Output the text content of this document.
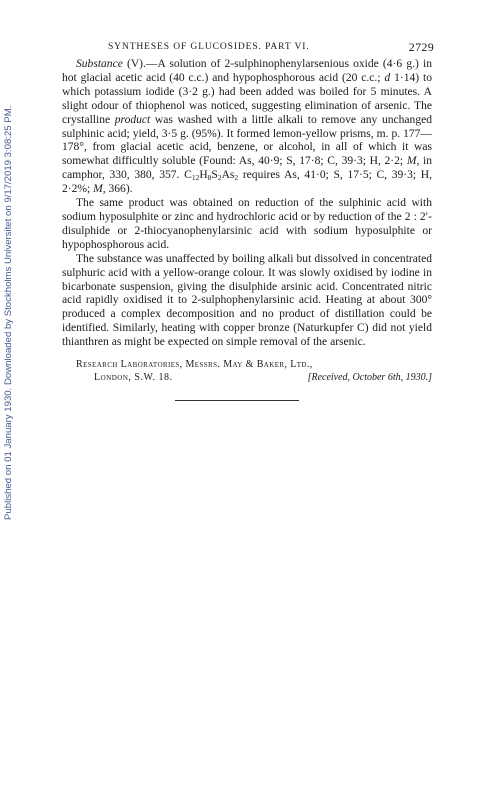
Published on 01 January 1930. Downloaded by Stockholms Universitet on 9/17/2019 3:08:25 PM.
SYNTHESES OF GLUCOSIDES. PART VI.	2729

Substance (V).—A solution of 2-sulphinophenylarsenious oxide (4·6 g.) in hot glacial acetic acid (40 c.c.) and hypophosphorous acid (20 c.c.; d 1·14) to which potassium iodide (3·2 g.) had been added was boiled for 5 minutes. A slight odour of thiophenol was noticed, suggesting elimination of arsenic. The crystalline product was washed with a little alkali to remove any unchanged sulphinic acid; yield, 3·5 g. (95%). It formed lemon-yellow prisms, m. p. 177—178°, from glacial acetic acid, benzene, or alcohol, in all of which it was somewhat difficultly soluble (Found: As, 40·9; S, 17·8; C, 39·3; H, 2·2; M, in camphor, 330, 380, 357. $C_{12}H_8S_2As_2$ requires As, 41·0; S, 17·5; C, 39·3; H, 2·2%; M, 366).

The same product was obtained on reduction of the sulphinic acid with sodium hyposulphite or zinc and hydrochloric acid or by reduction of the 2 : 2′-disulphide or 2-thiocyanophenylarsinic acid with sodium hyposulphite or hypophosphorous acid.

The substance was unaffected by boiling alkali but dissolved in concentrated sulphuric acid with a yellow-orange colour. It was slowly oxidised by iodine in bicarbonate suspension, giving the disulphide arsinic acid. Concentrated nitric acid rapidly oxidised it to 2-sulphophenylarsinic acid. Heating at about 300° produced a complex decomposition and no product of distillation could be identified. Similarly, heating with copper bronze (Naturkupfer C) did not yield thianthren as might be expected on simple removal of the arsenic.

Research Laboratories, Messrs. May & Baker, Ltd.,
London, S.W. 18.	[Received, October 6th, 1930.]
